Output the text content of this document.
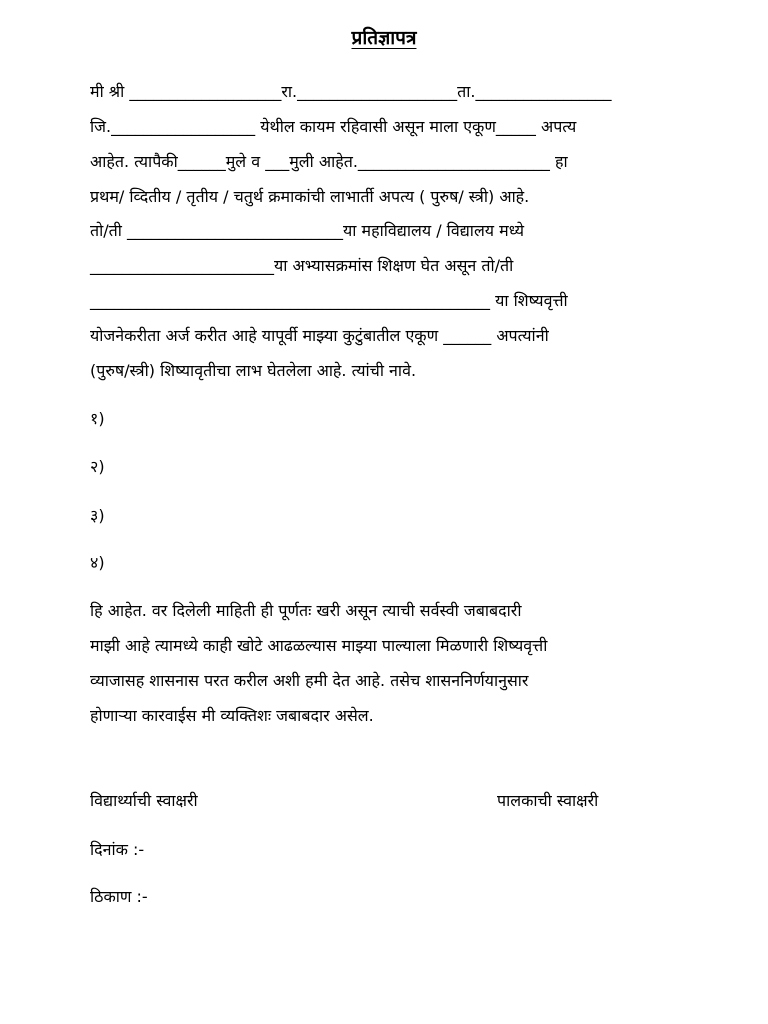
प्रतिज्ञापत्र
मी श्री ___________________रा.____________________ता._________________
जि.__________________ येथील कायम रहिवासी असून माला एकूण_____ अपत्य
आहेत. त्यापैकी______मुले व ___मुली आहेत.________________________ हा
प्रथम/ व्दितीय / तृतीय / चतुर्थ क्रमाकांची लाभार्ती अपत्य ( पुरुष/ स्त्री) आहे.
तो/ती ___________________________या महाविद्यालय / विद्यालय मध्ये
_______________________या अभ्यासक्रमांस शिक्षण घेत असून तो/ती
__________________________________________________ या शिष्यवृत्ती
योजनेकरीता अर्ज करीत आहे यापूर्वी माझ्या कुटुंबातील एकूण ______ अपत्यांनी
(पुरुष/स्त्री) शिष्यावृतीचा लाभ घेतलेला आहे. त्यांची नावे.
१)
२)
३)
४)
हि आहेत. वर दिलेली माहिती ही पूर्णतः खरी असून त्याची सर्वस्वी जबाबदारी
माझी आहे त्यामध्ये काही खोटे आढळल्यास माझ्या पाल्याला मिळणारी शिष्यवृत्ती
व्याजासह शासनास परत करील अशी हमी देत आहे. तसेच शासननिर्णयानुसार
होणाऱ्या कारवाईस मी व्यक्तिशः जबाबदार असेल.
विद्यार्थ्याची स्वाक्षरी	पालकाची स्वाक्षरी
दिनांक :-
ठिकाण :-
